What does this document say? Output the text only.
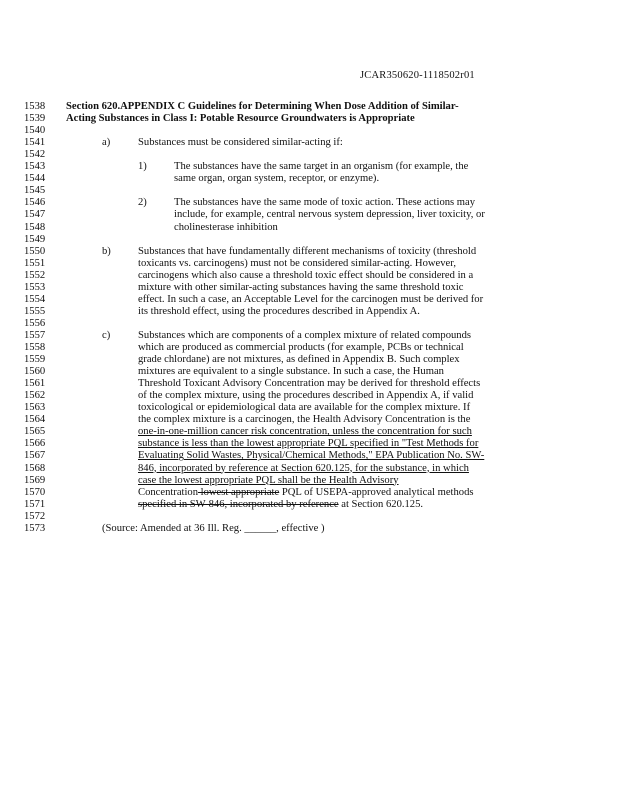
JCAR350620-1118502r01
1538	Section 620.APPENDIX C Guidelines for Determining When Dose Addition of Similar-
1539	Acting Substances in Class I: Potable Resource Groundwaters is Appropriate
1540
1541	a)	Substances must be considered similar-acting if:
1542
1543	1)	The substances have the same target in an organism (for example, the
1544	same organ, organ system, receptor, or enzyme).
1545
1546	2)	The substances have the same mode of toxic action. These actions may
1547	include, for example, central nervous system depression, liver toxicity, or
1548	cholinesterase inhibition
1549
1550	b)	Substances that have fundamentally different mechanisms of toxicity (threshold
1551	toxicants vs. carcinogens) must not be considered similar-acting. However,
1552	carcinogens which also cause a threshold toxic effect should be considered in a
1553	mixture with other similar-acting substances having the same threshold toxic
1554	effect. In such a case, an Acceptable Level for the carcinogen must be derived for
1555	its threshold effect, using the procedures described in Appendix A.
1556
1557	c)	Substances which are components of a complex mixture of related compounds
1558	which are produced as commercial products (for example, PCBs or technical
1559	grade chlordane) are not mixtures, as defined in Appendix B. Such complex
1560	mixtures are equivalent to a single substance. In such a case, the Human
1561	Threshold Toxicant Advisory Concentration may be derived for threshold effects
1562	of the complex mixture, using the procedures described in Appendix A, if valid
1563	toxicological or epidemiological data are available for the complex mixture. If
1564	the complex mixture is a carcinogen, the Health Advisory Concentration is the
1565	one-in-one-million cancer risk concentration, unless the concentration for such
1566	substance is less than the lowest appropriate PQL specified in "Test Methods for
1567	Evaluating Solid Wastes, Physical/Chemical Methods," EPA Publication No. SW-
1568	846, incorporated by reference at Section 620.125, for the substance, in which
1569	case the lowest appropriate PQL shall be the Health Advisory
1570	Concentration lowest appropriate PQL of USEPA-approved analytical methods
1571	specified in SW-846, incorporated by reference at Section 620.125.
1572
1573	(Source: Amended at 36 Ill. Reg. ______, effective )
